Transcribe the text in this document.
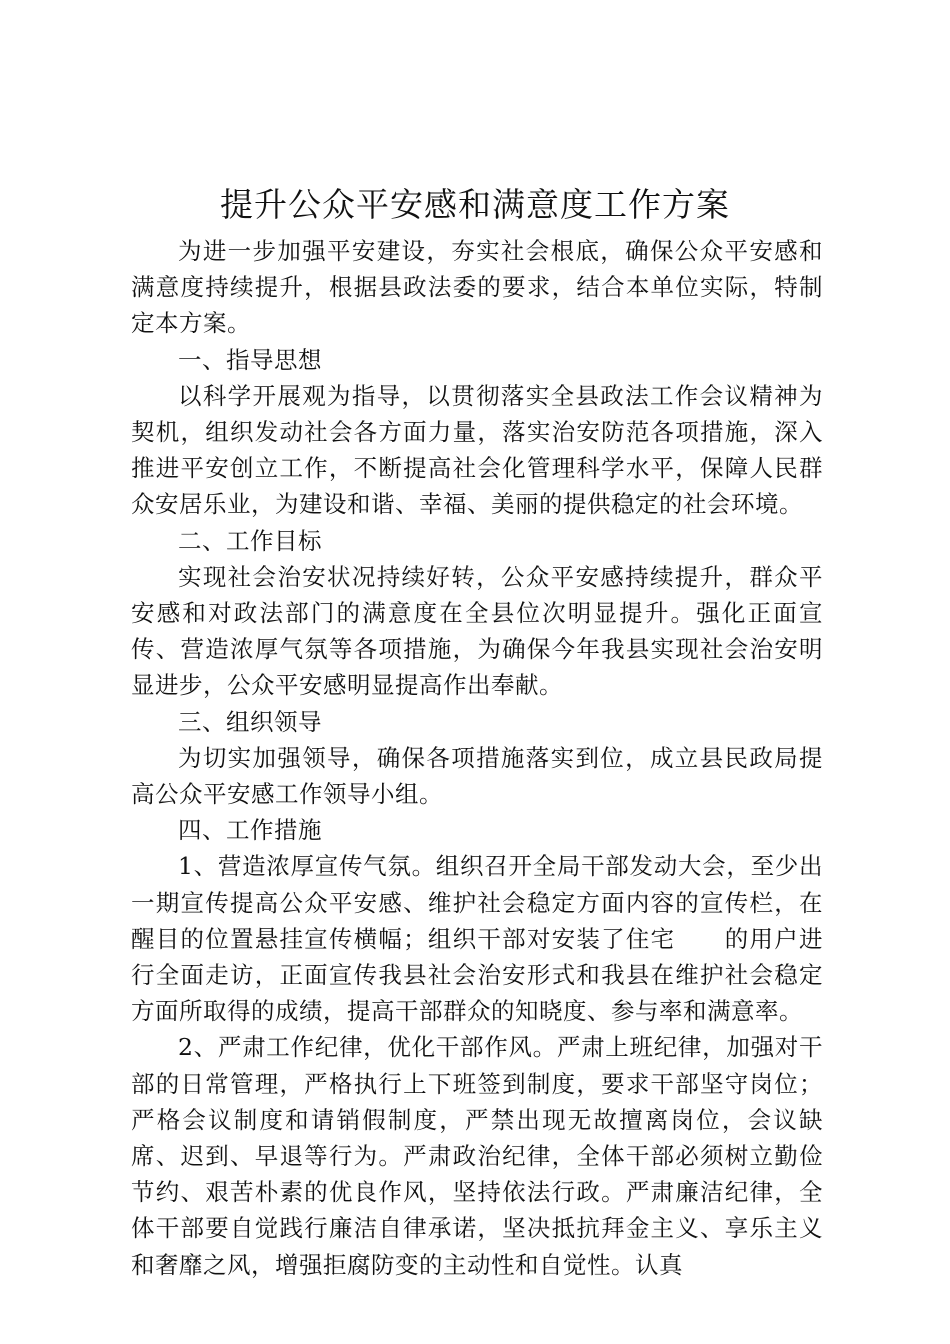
提升公众平安感和满意度工作方案

为进一步加强平安建设，夯实社会根底，确保公众平安感和满意度持续提升，根据县政法委的要求，结合本单位实际，特制定本方案。

一、指导思想

以科学开展观为指导，以贯彻落实全县政法工作会议精神为契机，组织发动社会各方面力量，落实治安防范各项措施，深入推进平安创立工作，不断提高社会化管理科学水平，保障人民群众安居乐业，为建设和谐、幸福、美丽的提供稳定的社会环境。

二、工作目标

实现社会治安状况持续好转，公众平安感持续提升，群众平安感和对政法部门的满意度在全县位次明显提升。强化正面宣传、营造浓厚气氛等各项措施，为确保今年我县实现社会治安明显进步，公众平安感明显提高作出奉献。

三、组织领导

为切实加强领导，确保各项措施落实到位，成立县民政局提高公众平安感工作领导小组。

四、工作措施

1、营造浓厚宣传气氛。组织召开全局干部发动大会，至少出一期宣传提高公众平安感、维护社会稳定方面内容的宣传栏，在醒目的位置悬挂宣传横幅；组织干部对安装了住宅　　的用户进行全面走访，正面宣传我县社会治安形式和我县在维护社会稳定方面所取得的成绩，提高干部群众的知晓度、参与率和满意率。

2、严肃工作纪律，优化干部作风。严肃上班纪律，加强对干部的日常管理，严格执行上下班签到制度，要求干部坚守岗位；严格会议制度和请销假制度，严禁出现无故擅离岗位，会议缺席、迟到、早退等行为。严肃政治纪律，全体干部必须树立勤俭节约、艰苦朴素的优良作风，坚持依法行政。严肃廉洁纪律，全体干部要自觉践行廉洁自律承诺，坚决抵抗拜金主义、享乐主义和奢靡之风，增强拒腐防变的主动性和自觉性。认真
